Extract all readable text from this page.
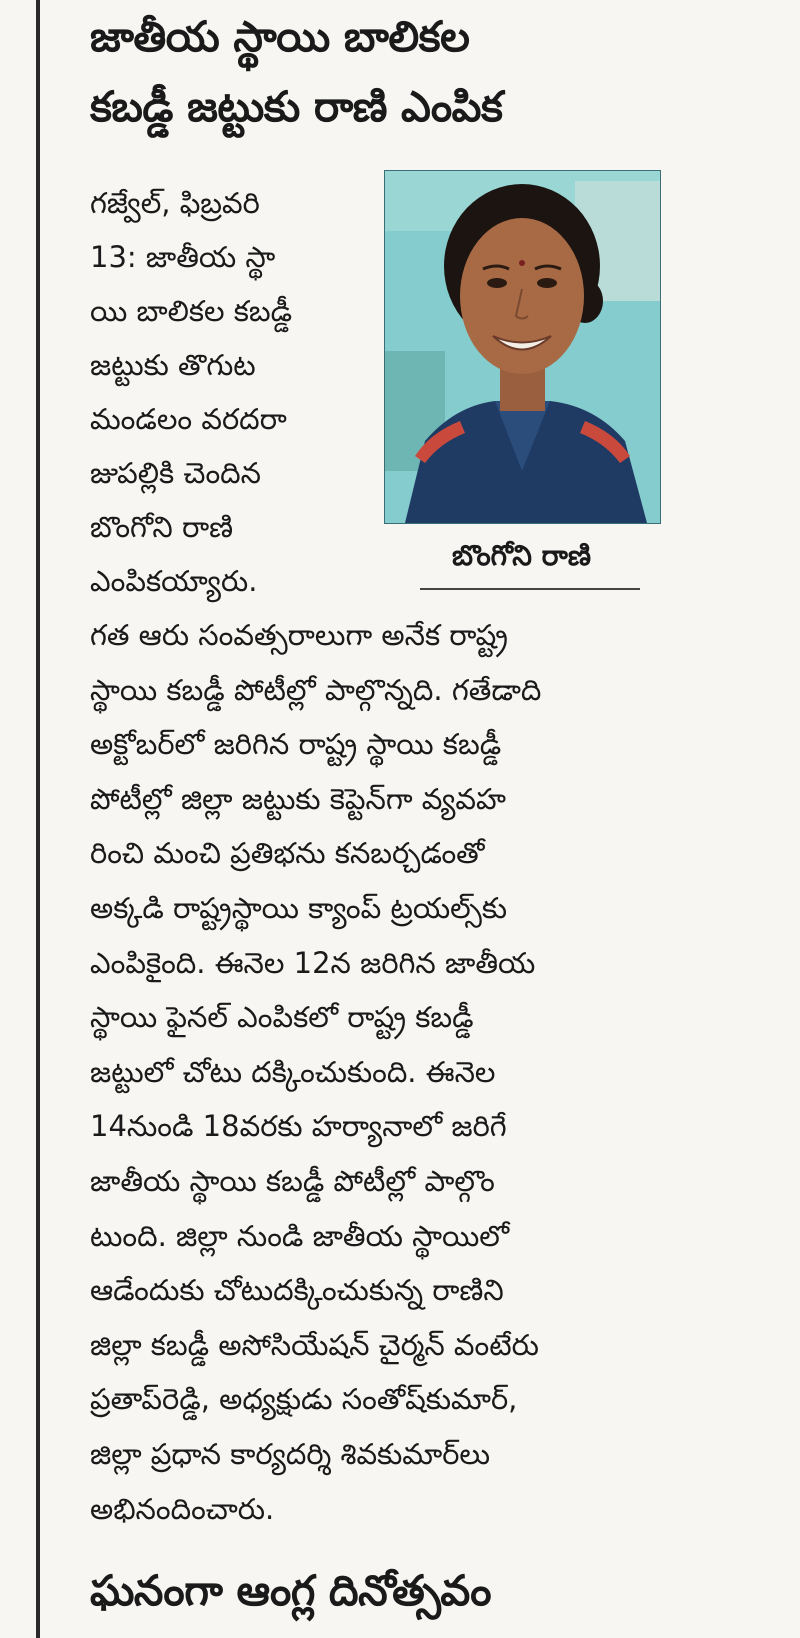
జాతీయ స్థాయి బాలికల
కబడ్డీ జట్టుకు రాణి ఎంపిక
గజ్వేల్, ఫిబ్రవరి
13: జాతీయ స్థా
యి బాలికల కబడ్డీ
జట్టుకు తొగుట
మండలం వరదరా
జుపల్లికి చెందిన
బొంగోని రాణి
ఎంపికయ్యారు.

బొంగోని రాణి

గత ఆరు సంవత్సరాలుగా అనేక రాష్ట్ర
స్థాయి కబడ్డీ పోటీల్లో పాల్గొన్నది. గతేడాది
అక్టోబర్‌లో జరిగిన రాష్ట్ర స్థాయి కబడ్డీ
పోటీల్లో జిల్లా జట్టుకు కెప్టెన్‌గా వ్యవహ
రించి మంచి ప్రతిభను కనబర్చడంతో
అక్కడి రాష్ట్రస్థాయి క్యాంప్ ట్రయల్స్‌కు
ఎంపికైంది. ఈనెల 12న జరిగిన జాతీయ
స్థాయి ఫైనల్ ఎంపికలో రాష్ట్ర కబడ్డీ
జట్టులో చోటు దక్కించుకుంది. ఈనెల
14నుండి 18వరకు హర్యానాలో జరిగే
జాతీయ స్థాయి కబడ్డీ పోటీల్లో పాల్గొం
టుంది. జిల్లా నుండి జాతీయ స్థాయిలో
ఆడేందుకు చోటుదక్కించుకున్న రాణిని
జిల్లా కబడ్డీ అసోసియేషన్ చైర్మన్ వంటేరు
ప్రతాప్‌రెడ్డి, అధ్యక్షుడు సంతోష్‌కుమార్,
జిల్లా ప్రధాన కార్యదర్శి శివకుమార్‌లు
అభినందించారు.
ఘనంగా ఆంగ్ల దినోత్సవం
